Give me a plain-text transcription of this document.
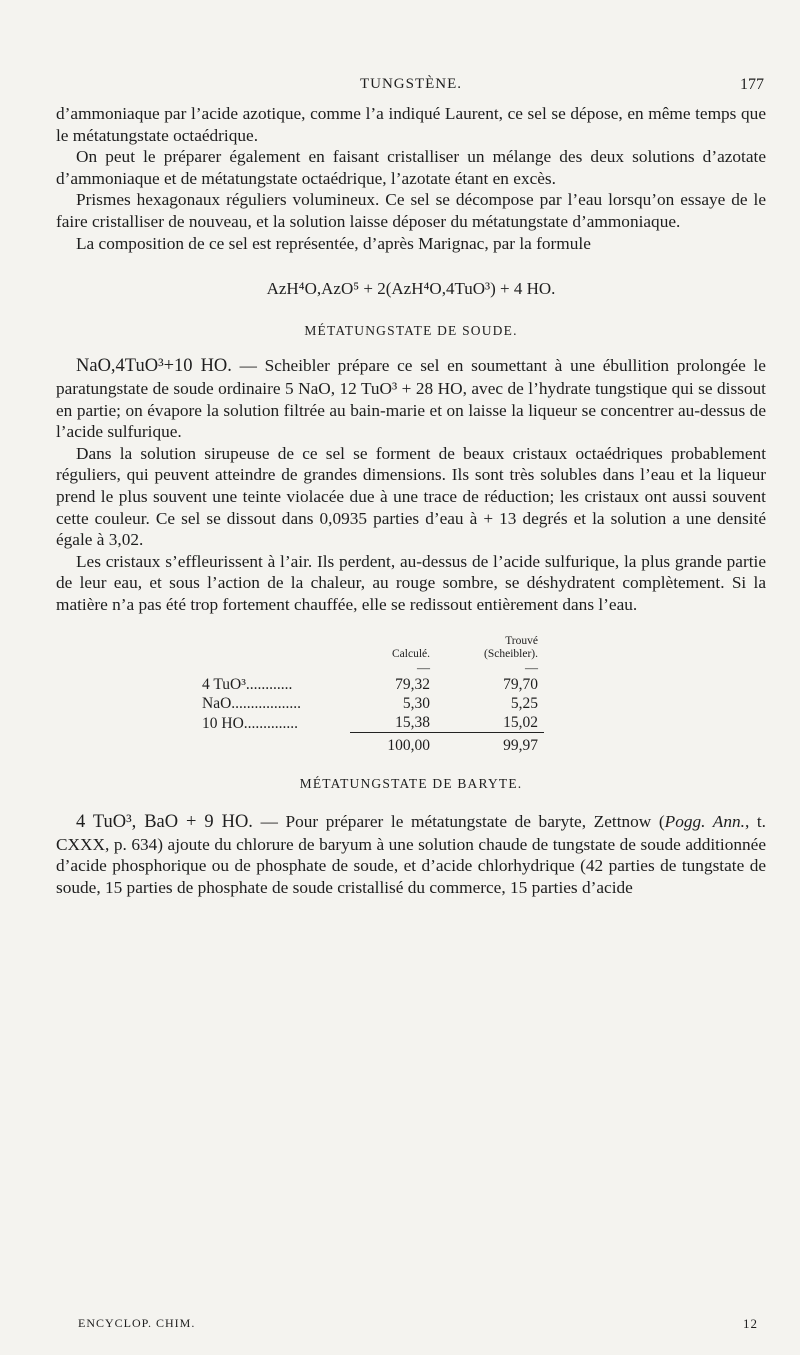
TUNGSTÈNE.	177

d’ammoniaque par l’acide azotique, comme l’a indiqué Laurent, ce sel se dépose, en même temps que le métatungstate octaédrique.

On peut le préparer également en faisant cristalliser un mélange des deux solutions d’azotate d’ammoniaque et de métatungstate octaédrique, l’azotate étant en excès.

Prismes hexagonaux réguliers volumineux. Ce sel se décompose par l’eau lorsqu’on essaye de le faire cristalliser de nouveau, et la solution laisse déposer du métatungstate d’ammoniaque.

La composition de ce sel est représentée, d’après Marignac, par la formule

AzH⁴O,AzO⁵ + 2(AzH⁴O,4TuO³) + 4 HO.

MÉTATUNGSTATE DE SOUDE.

NaO,4TuO³+10 HO. — Scheibler prépare ce sel en soumettant à une ébullition prolongée le paratungstate de soude ordinaire 5 NaO, 12 TuO³ + 28 HO, avec de l’hydrate tungstique qui se dissout en partie; on évapore la solution filtrée au bain-marie et on laisse la liqueur se concentrer au-dessus de l’acide sulfurique.

Dans la solution sirupeuse de ce sel se forment de beaux cristaux octaédriques probablement réguliers, qui peuvent atteindre de grandes dimensions. Ils sont très solubles dans l’eau et la liqueur prend le plus souvent une teinte violacée due à une trace de réduction; les cristaux ont aussi souvent cette couleur. Ce sel se dissout dans 0,0935 parties d’eau à + 13 degrés et la solution a une densité égale à 3,02.

Les cristaux s’effleurissent à l’air. Ils perdent, au-dessus de l’acide sulfurique, la plus grande partie de leur eau, et sous l’action de la chaleur, au rouge sombre, se déshydratent complètement. Si la matière n’a pas été trop fortement chauffée, elle se redissout entièrement dans l’eau.

	Calculé.	Trouvé
(Scheibler).
	—	—
4 TuO³............	79,32	79,70
NaO..................	5,30	5,25
10 HO..............	15,38	15,02
	100,00	99,97

MÉTATUNGSTATE DE BARYTE.

4 TuO³, BaO + 9 HO. — Pour préparer le métatungstate de baryte, Zettnow (Pogg. Ann., t. CXXX, p. 634) ajoute du chlorure de baryum à une solution chaude de tungstate de soude additionnée d’acide phosphorique ou de phosphate de soude, et d’acide chlorhydrique (42 parties de tungstate de soude, 15 parties de phosphate de soude cristallisé du commerce, 15 parties d’acide

ENCYCLOP. CHIM.	12
